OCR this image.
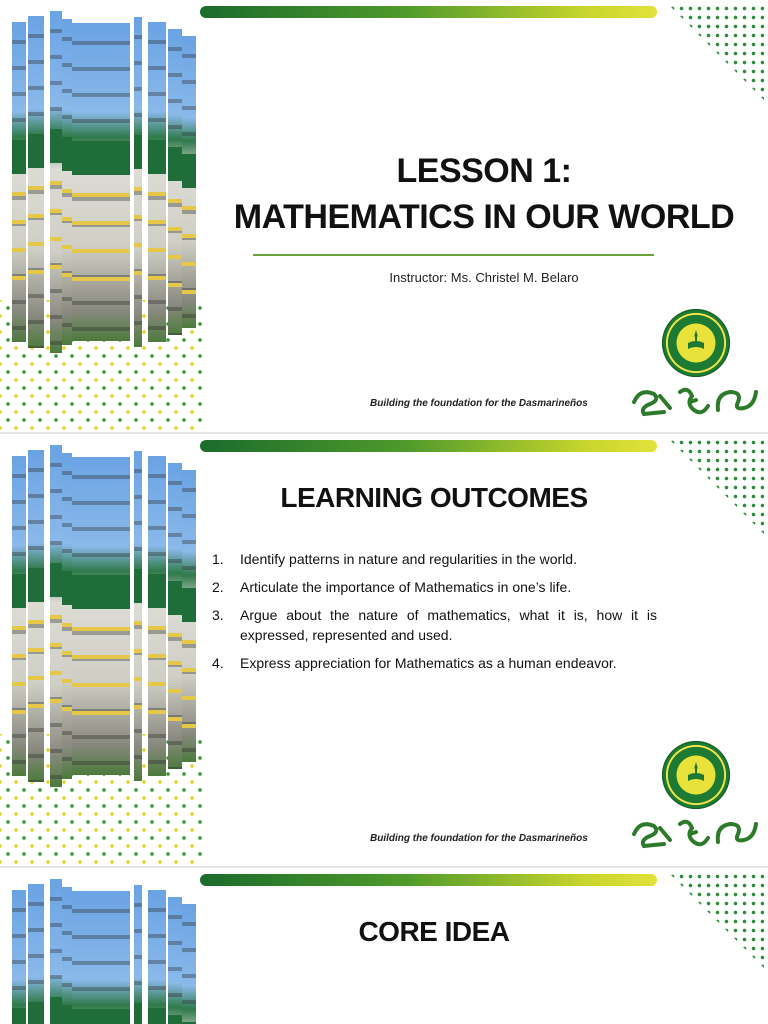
LESSON 1:
MATHEMATICS IN OUR WORLD
Instructor: Ms. Christel M. Belaro
Building the foundation for the Dasmarineños
LEARNING OUTCOMES
1. Identify patterns in nature and regularities in the world.
2. Articulate the importance of Mathematics in one’s life.
3. Argue about the nature of mathematics, what it is, how it is expressed, represented and used.
4. Express appreciation for Mathematics as a human endeavor.
Building the foundation for the Dasmarineños
CORE IDEA
